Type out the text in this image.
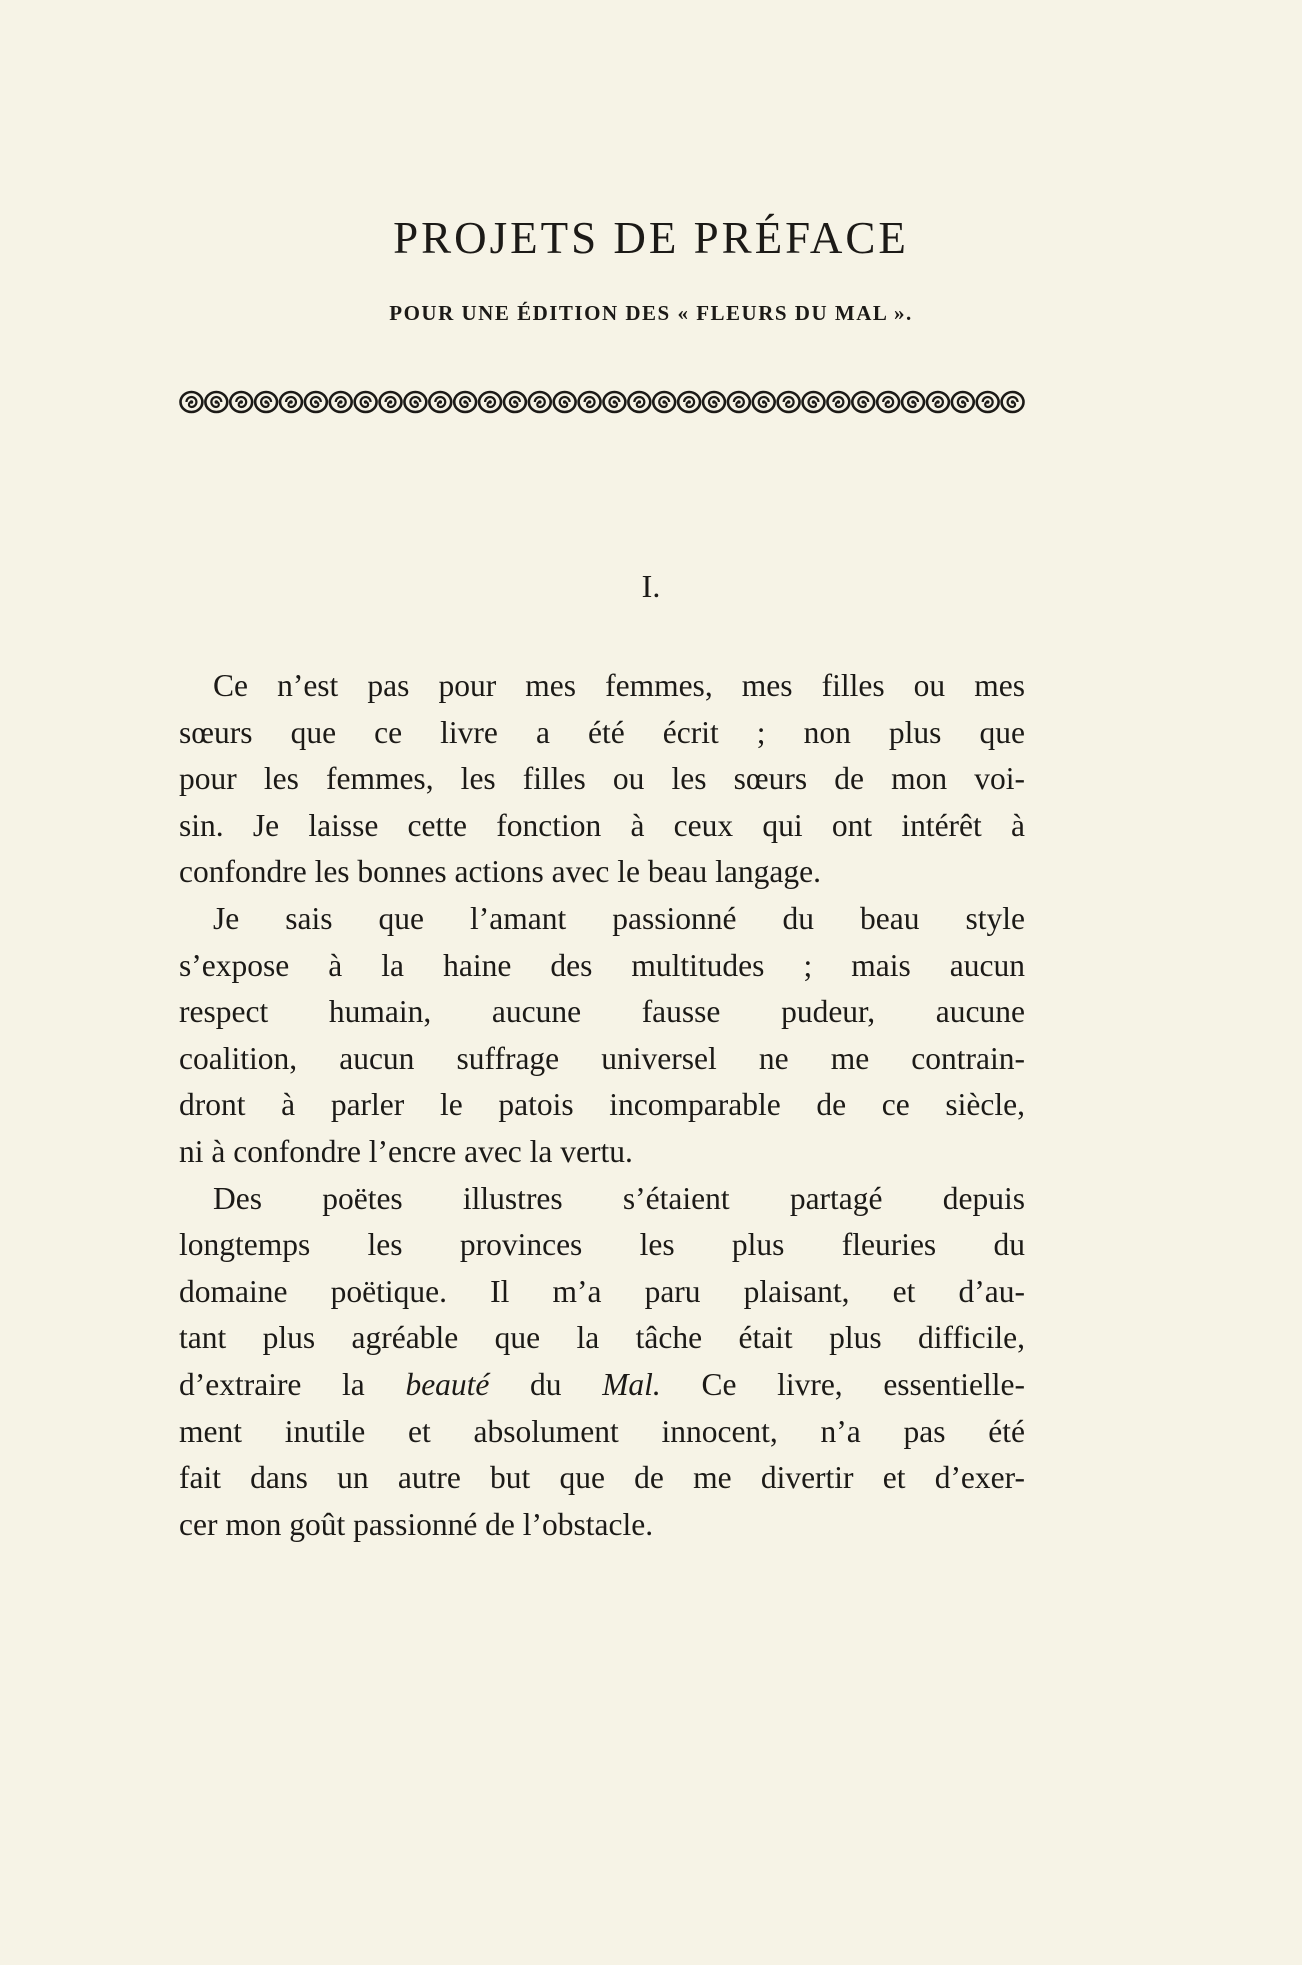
PROJETS DE PRÉFACE
POUR UNE ÉDITION DES « FLEURS DU MAL ».
I.
Ce n’est pas pour mes femmes, mes filles ou mes
sœurs que ce livre a été écrit ; non plus que
pour les femmes, les filles ou les sœurs de mon voi-
sin. Je laisse cette fonction à ceux qui ont intérêt à
confondre les bonnes actions avec le beau langage.
Je sais que l’amant passionné du beau style
s’expose à la haine des multitudes ; mais aucun
respect humain, aucune fausse pudeur, aucune
coalition, aucun suffrage universel ne me contrain-
dront à parler le patois incomparable de ce siècle,
ni à confondre l’encre avec la vertu.
Des poëtes illustres s’étaient partagé depuis
longtemps les provinces les plus fleuries du
domaine poëtique. Il m’a paru plaisant, et d’au-
tant plus agréable que la tâche était plus difficile,
d’extraire la beauté du Mal. Ce livre, essentielle-
ment inutile et absolument innocent, n’a pas été
fait dans un autre but que de me divertir et d’exer-
cer mon goût passionné de l’obstacle.
